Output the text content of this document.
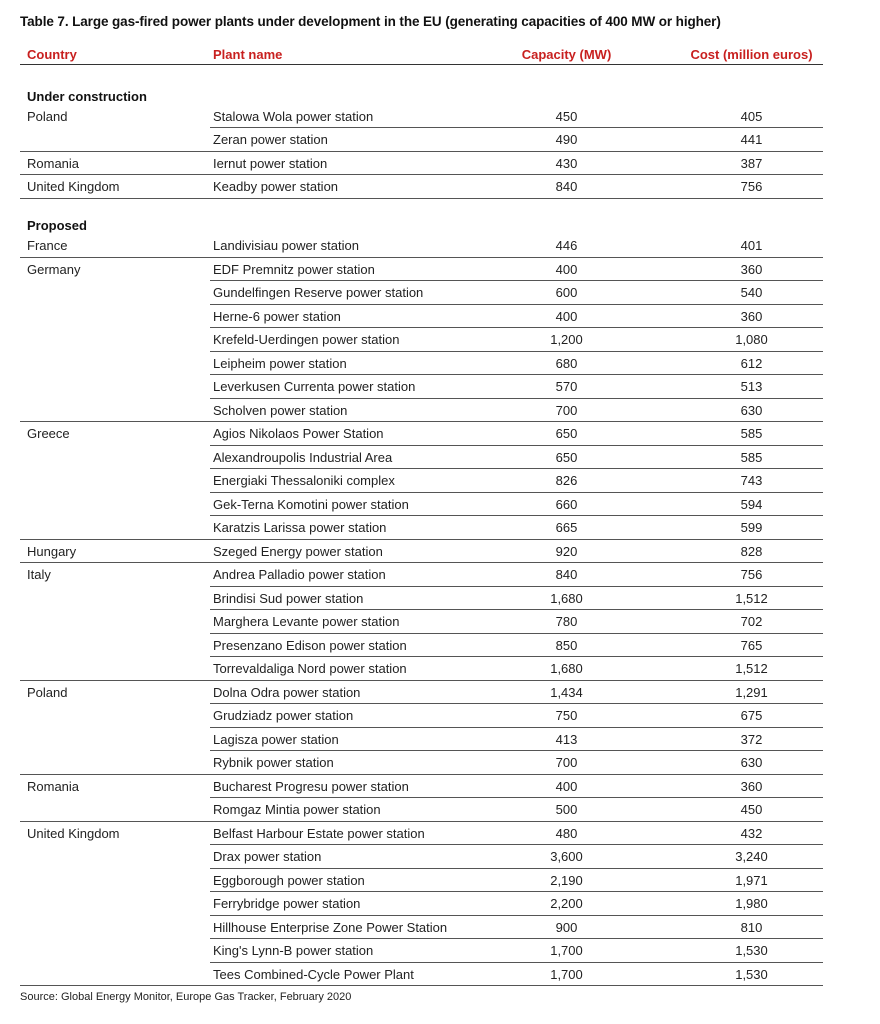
Table 7. Large gas-fired power plants under development in the EU (generating capacities of 400 MW or higher)
Country	Plant name	Capacity (MW)	Cost (million euros)
Under construction
Poland	Stalowa Wola power station	450	405
Zeran power station	490	441
Romania	Iernut power station	430	387
United Kingdom	Keadby power station	840	756
Proposed
France	Landivisiau power station	446	401
Germany	EDF Premnitz power station	400	360
Gundelfingen Reserve power station	600	540
Herne-6 power station	400	360
Krefeld-Uerdingen power station	1,200	1,080
Leipheim power station	680	612
Leverkusen Currenta power station	570	513
Scholven power station	700	630
Greece	Agios Nikolaos Power Station	650	585
Alexandroupolis Industrial Area	650	585
Energiaki Thessaloniki complex	826	743
Gek-Terna Komotini power station	660	594
Karatzis Larissa power station	665	599
Hungary	Szeged Energy power station	920	828
Italy	Andrea Palladio power station	840	756
Brindisi Sud power station	1,680	1,512
Marghera Levante power station	780	702
Presenzano Edison power station	850	765
Torrevaldaliga Nord power station	1,680	1,512
Poland	Dolna Odra power station	1,434	1,291
Grudziadz power station	750	675
Lagisza power station	413	372
Rybnik power station	700	630
Romania	Bucharest Progresu power station	400	360
Romgaz Mintia power station	500	450
United Kingdom	Belfast Harbour Estate power station	480	432
Drax power station	3,600	3,240
Eggborough power station	2,190	1,971
Ferrybridge power station	2,200	1,980
Hillhouse Enterprise Zone Power Station	900	810
King's Lynn-B power station	1,700	1,530
Tees Combined-Cycle Power Plant	1,700	1,530
Source: Global Energy Monitor, Europe Gas Tracker, February 2020
